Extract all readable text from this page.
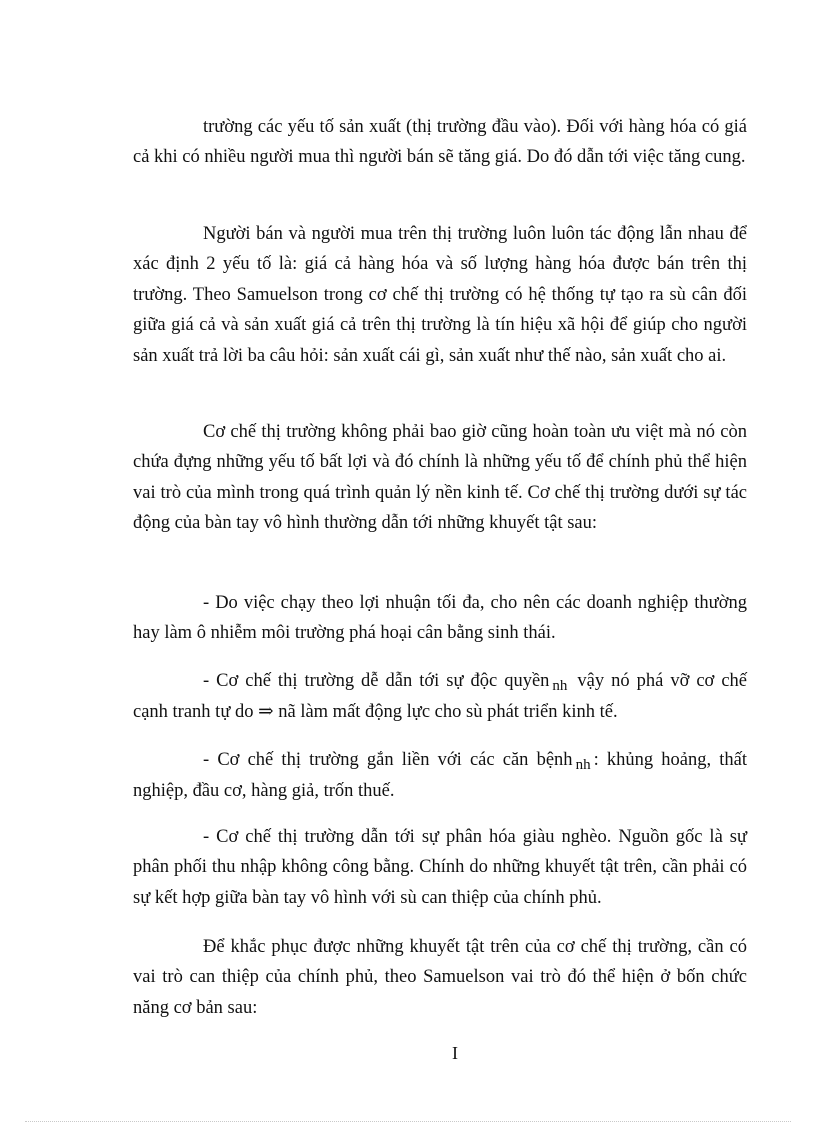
trường các yếu tố sản xuất (thị trường đầu vào). Đối với hàng hóa có giá cả khi có nhiều người mua thì người bán sẽ tăng giá. Do đó dẫn tới việc tăng cung.

Người bán và người mua trên thị trường luôn luôn tác động lẫn nhau để xác định 2 yếu tố là: giá cả hàng hóa và số lượng hàng hóa được bán trên thị trường. Theo Samuelson trong cơ chế thị trường có hệ thống tự tạo ra sù cân đối giữa giá cả và sản xuất giá cả trên thị trường là tín hiệu xã hội để giúp cho người sản xuất trả lời ba câu hỏi: sản xuất cái gì, sản xuất như thế nào, sản xuất cho ai.

Cơ chế thị trường không phải bao giờ cũng hoàn toàn ưu việt mà nó còn chứa đựng những yếu tố bất lợi và đó chính là những yếu tố để chính phủ thể hiện vai trò của mình trong quá trình quản lý nền kinh tế. Cơ chế thị trường dưới sự tác động của bàn tay vô hình thường dẫn tới những khuyết tật sau:

- Do việc chạy theo lợi nhuận tối đa, cho nên các doanh nghiệp thường hay làm ô nhiễm môi trường phá hoại cân bằng sinh thái.

- Cơ chế thị trường dễ dẫn tới sự độc quyền $_{nh}$ vậy nó phá vỡ cơ chế cạnh tranh tự do ⇒ nã làm mất động lực cho sù phát triển kinh tế.

- Cơ chế thị trường gắn liền với các căn bệnh $_{nh}$ : khủng hoảng, thất nghiệp, đầu cơ, hàng giả, trốn thuế.

- Cơ chế thị trường dẫn tới sự phân hóa giàu nghèo. Nguồn gốc là sự phân phối thu nhập không công bằng. Chính do những khuyết tật trên, cần phải có sự kết hợp giữa bàn tay vô hình với sù can thiệp của chính phủ.

Để khắc phục được những khuyết tật trên của cơ chế thị trường, cần có vai trò can thiệp của chính phủ, theo Samuelson vai trò đó thể hiện ở bốn chức năng cơ bản sau:

I
